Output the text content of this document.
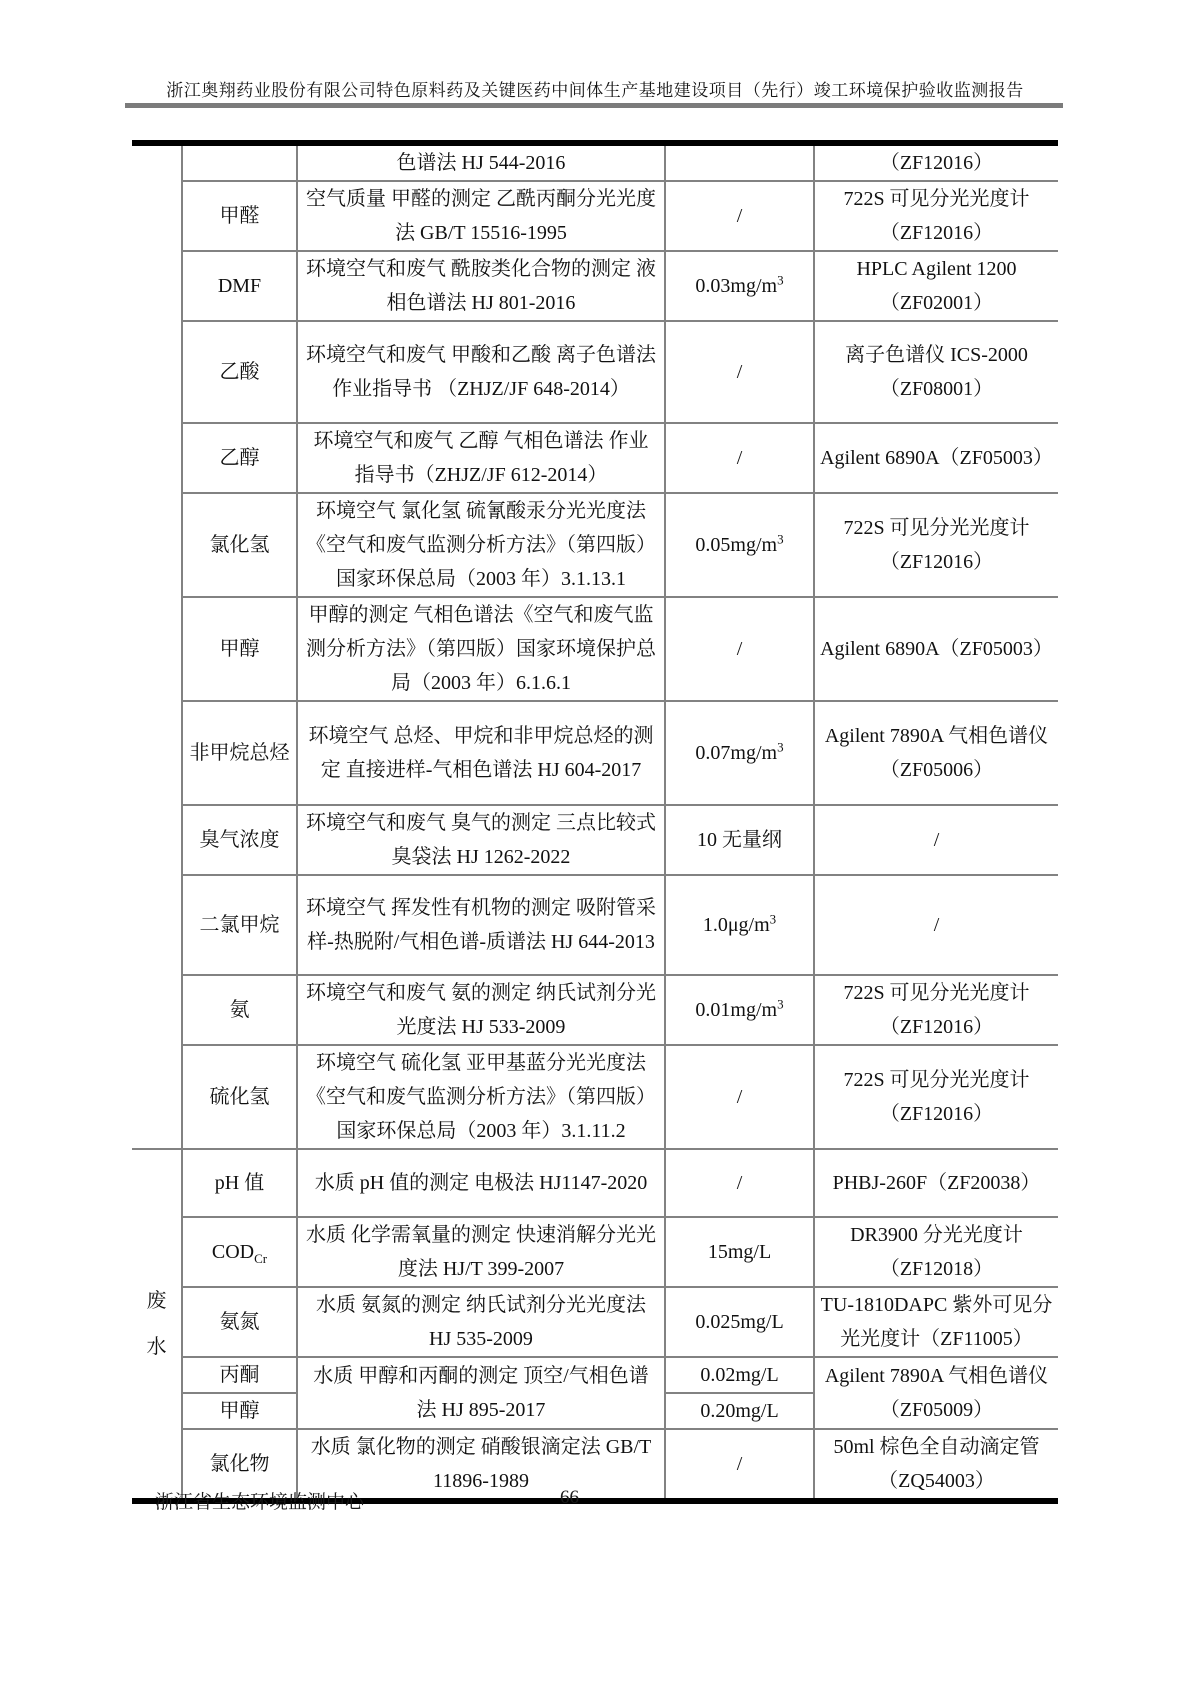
浙江奥翔药业股份有限公司特色原料药及关键医药中间体生产基地建设项目（先行）竣工环境保护验收监测报告
		色谱法 HJ 544-2016		（ZF12016）
	甲醛	空气质量 甲醛的测定 乙酰丙酮分光光度法 GB/T 15516-1995	/	722S 可见分光光度计（ZF12016）
	DMF	环境空气和废气 酰胺类化合物的测定 液相色谱法 HJ 801-2016	$0.03mg/m^3$	HPLC Agilent 1200（ZF02001）
	乙酸	环境空气和废气 甲酸和乙酸 离子色谱法 作业指导书 （ZHJZ/JF 648-2014）	/	离子色谱仪 ICS-2000（ZF08001）
	乙醇	环境空气和废气 乙醇 气相色谱法 作业指导书（ZHJZ/JF 612-2014）	/	Agilent 6890A（ZF05003）
	氯化氢	环境空气 氯化氢 硫氰酸汞分光光度法《空气和废气监测分析方法》（第四版）国家环保总局（2003 年）3.1.13.1	$0.05mg/m^3$	722S 可见分光光度计（ZF12016）
	甲醇	甲醇的测定 气相色谱法《空气和废气监测分析方法》（第四版）国家环境保护总局（2003 年）6.1.6.1	/	Agilent 6890A（ZF05003）
	非甲烷总烃	环境空气 总烃、甲烷和非甲烷总烃的测定 直接进样-气相色谱法 HJ 604-2017	$0.07mg/m^3$	Agilent 7890A 气相色谱仪（ZF05006）
	臭气浓度	环境空气和废气 臭气的测定 三点比较式臭袋法 HJ 1262-2022	10 无量纲	/
	二氯甲烷	环境空气 挥发性有机物的测定 吸附管采样-热脱附/气相色谱-质谱法 HJ 644-2013	$1.0\mu g/m^3$	/
	氨	环境空气和废气 氨的测定 纳氏试剂分光光度法 HJ 533-2009	$0.01mg/m^3$	722S 可见分光光度计（ZF12016）
	硫化氢	环境空气 硫化氢 亚甲基蓝分光光度法《空气和废气监测分析方法》（第四版）国家环保总局（2003 年）3.1.11.2	/	722S 可见分光光度计（ZF12016）
废水	pH 值	水质 pH 值的测定 电极法 HJ1147-2020	/	PHBJ-260F（ZF20038）
	$COD_{Cr}$	水质 化学需氧量的测定 快速消解分光光度法 HJ/T 399-2007	15mg/L	DR3900 分光光度计（ZF12018）
	氨氮	水质 氨氮的测定 纳氏试剂分光光度法 HJ 535-2009	0.025mg/L	TU-1810DAPC 紫外可见分光光度计（ZF11005）
	丙酮	水质 甲醇和丙酮的测定 顶空/气相色谱法 HJ 895-2017	0.02mg/L	Agilent 7890A 气相色谱仪（ZF05009）
	甲醇		0.20mg/L	
	氯化物	水质 氯化物的测定 硝酸银滴定法 GB/T 11896-1989	/	50ml 棕色全自动滴定管（ZQ54003）
浙江省生态环境监测中心	66
